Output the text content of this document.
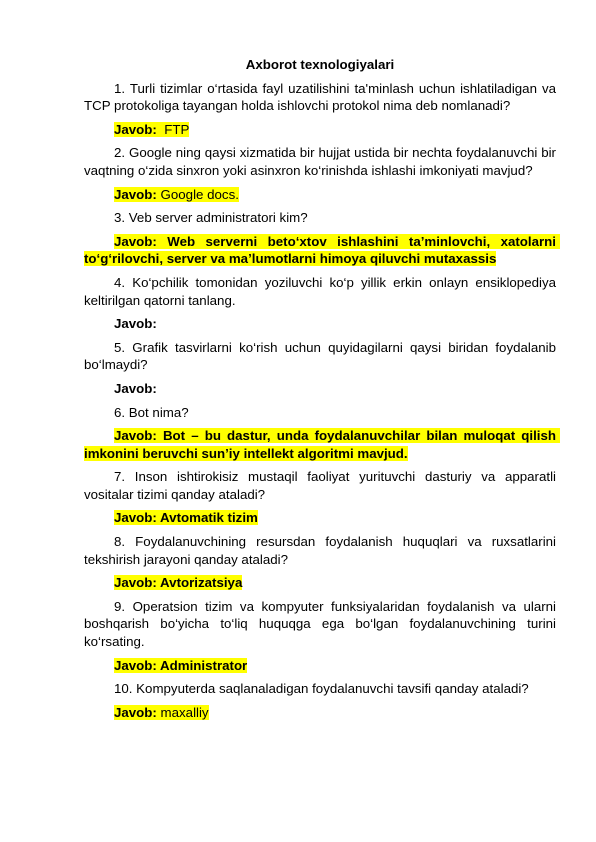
Axborot texnologiyalari

1. Turli tizimlar o‘rtasida fayl uzatilishini ta'minlash uchun ishlatiladigan va TCP protokoliga tayangan holda ishlovchi protokol nima deb nomlanadi?

Javob:  FTP

2. Google ning qaysi xizmatida bir hujjat ustida bir nechta foydalanuvchi bir vaqtning o‘zida sinxron yoki asinxron ko‘rinishda ishlashi imkoniyati mavjud?

Javob: Google docs.

3. Veb server administratori kim?

Javob: Web serverni beto‘xtov ishlashini ta’minlovchi, xatolarni to‘g‘rilovchi, server va ma’lumotlarni himoya qiluvchi mutaxassis

4. Ko‘pchilik tomonidan yoziluvchi ko‘p yillik erkin onlayn ensiklopediya keltirilgan qatorni tanlang.

Javob:

5. Grafik tasvirlarni ko‘rish uchun quyidagilarni qaysi biridan foydalanib bo‘lmaydi?

Javob:

6. Bot nima?

Javob: Bot – bu dastur, unda foydalanuvchilar bilan muloqat qilish imkonini beruvchi sun’iy intellekt algoritmi mavjud.

7. Inson ishtirokisiz mustaqil faoliyat yurituvchi dasturiy va apparatli vositalar tizimi qanday ataladi?

Javob: Avtomatik tizim

8. Foydalanuvchining resursdan foydalanish huquqlari va ruxsatlarini tekshirish jarayoni qanday ataladi?

Javob: Avtorizatsiya

9. Operatsion tizim va kompyuter funksiyalaridan foydalanish va ularni boshqarish bo‘yicha to‘liq huquqga ega bo‘lgan foydalanuvchining turini ko‘rsating.

Javob: Administrator

10. Kompyuterda saqlanaladigan foydalanuvchi tavsifi qanday ataladi?

Javob: maxalliy
